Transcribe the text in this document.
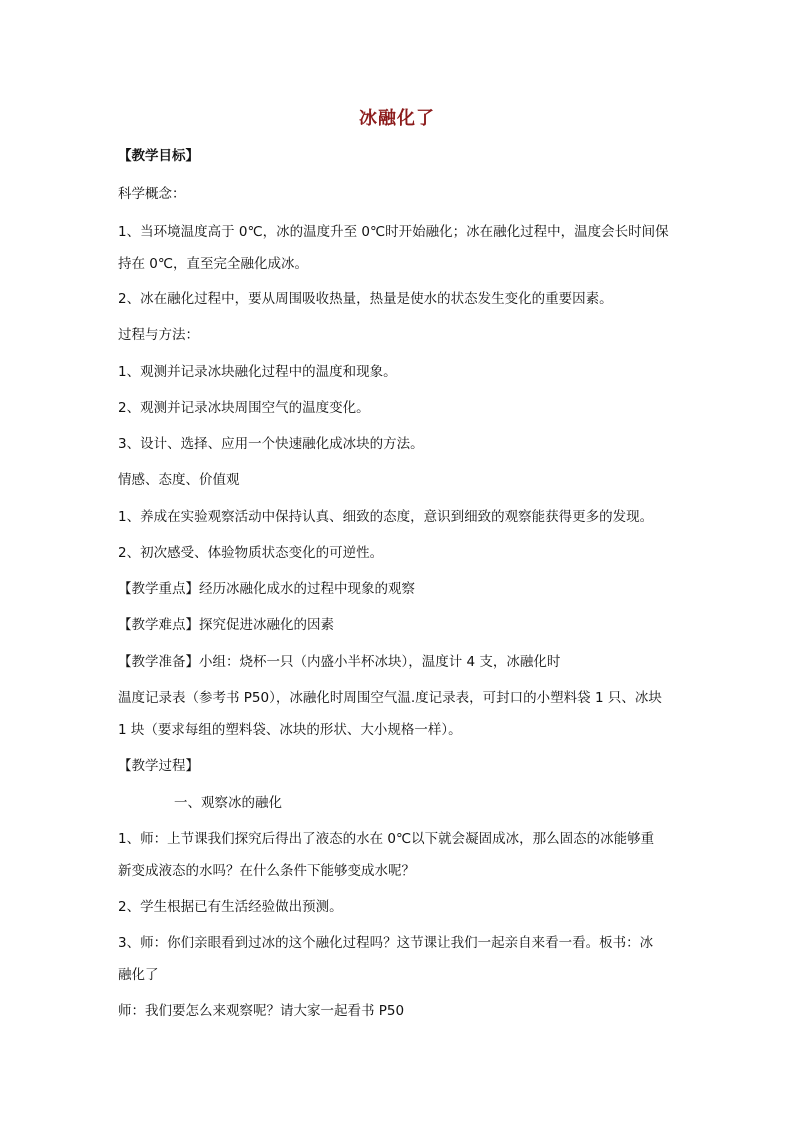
冰融化了
【教学目标】
科学概念：
1、当环境温度高于 0℃，冰的温度升至 0℃时开始融化；冰在融化过程中，温度会长时间保
持在 0℃，直至完全融化成冰。
2、冰在融化过程中，要从周围吸收热量，热量是使水的状态发生变化的重要因素。
过程与方法：
1、观测并记录冰块融化过程中的温度和现象。
2、观测并记录冰块周围空气的温度变化。
3、设计、选择、应用一个快速融化成冰块的方法。
情感、态度、价值观
1、养成在实验观察活动中保持认真、细致的态度，意识到细致的观察能获得更多的发现。
2、初次感受、体验物质状态变化的可逆性。
【教学重点】经历冰融化成水的过程中现象的观察
【教学难点】探究促进冰融化的因素
【教学准备】小组：烧杯一只（内盛小半杯冰块），温度计 4 支，冰融化时
温度记录表（参考书 P50），冰融化时周围空气温.度记录表，可封口的小塑料袋 1 只、冰块
1 块（要求每组的塑料袋、冰块的形状、大小规格一样）。
【教学过程】
一、观察冰的融化
1、师：上节课我们探究后得出了液态的水在 0℃以下就会凝固成冰，那么固态的冰能够重
新变成液态的水吗？在什么条件下能够变成水呢？
2、学生根据已有生活经验做出预测。
3、师：你们亲眼看到过冰的这个融化过程吗？这节课让我们一起亲自来看一看。板书：冰
融化了
师：我们要怎么来观察呢？请大家一起看书 P50
